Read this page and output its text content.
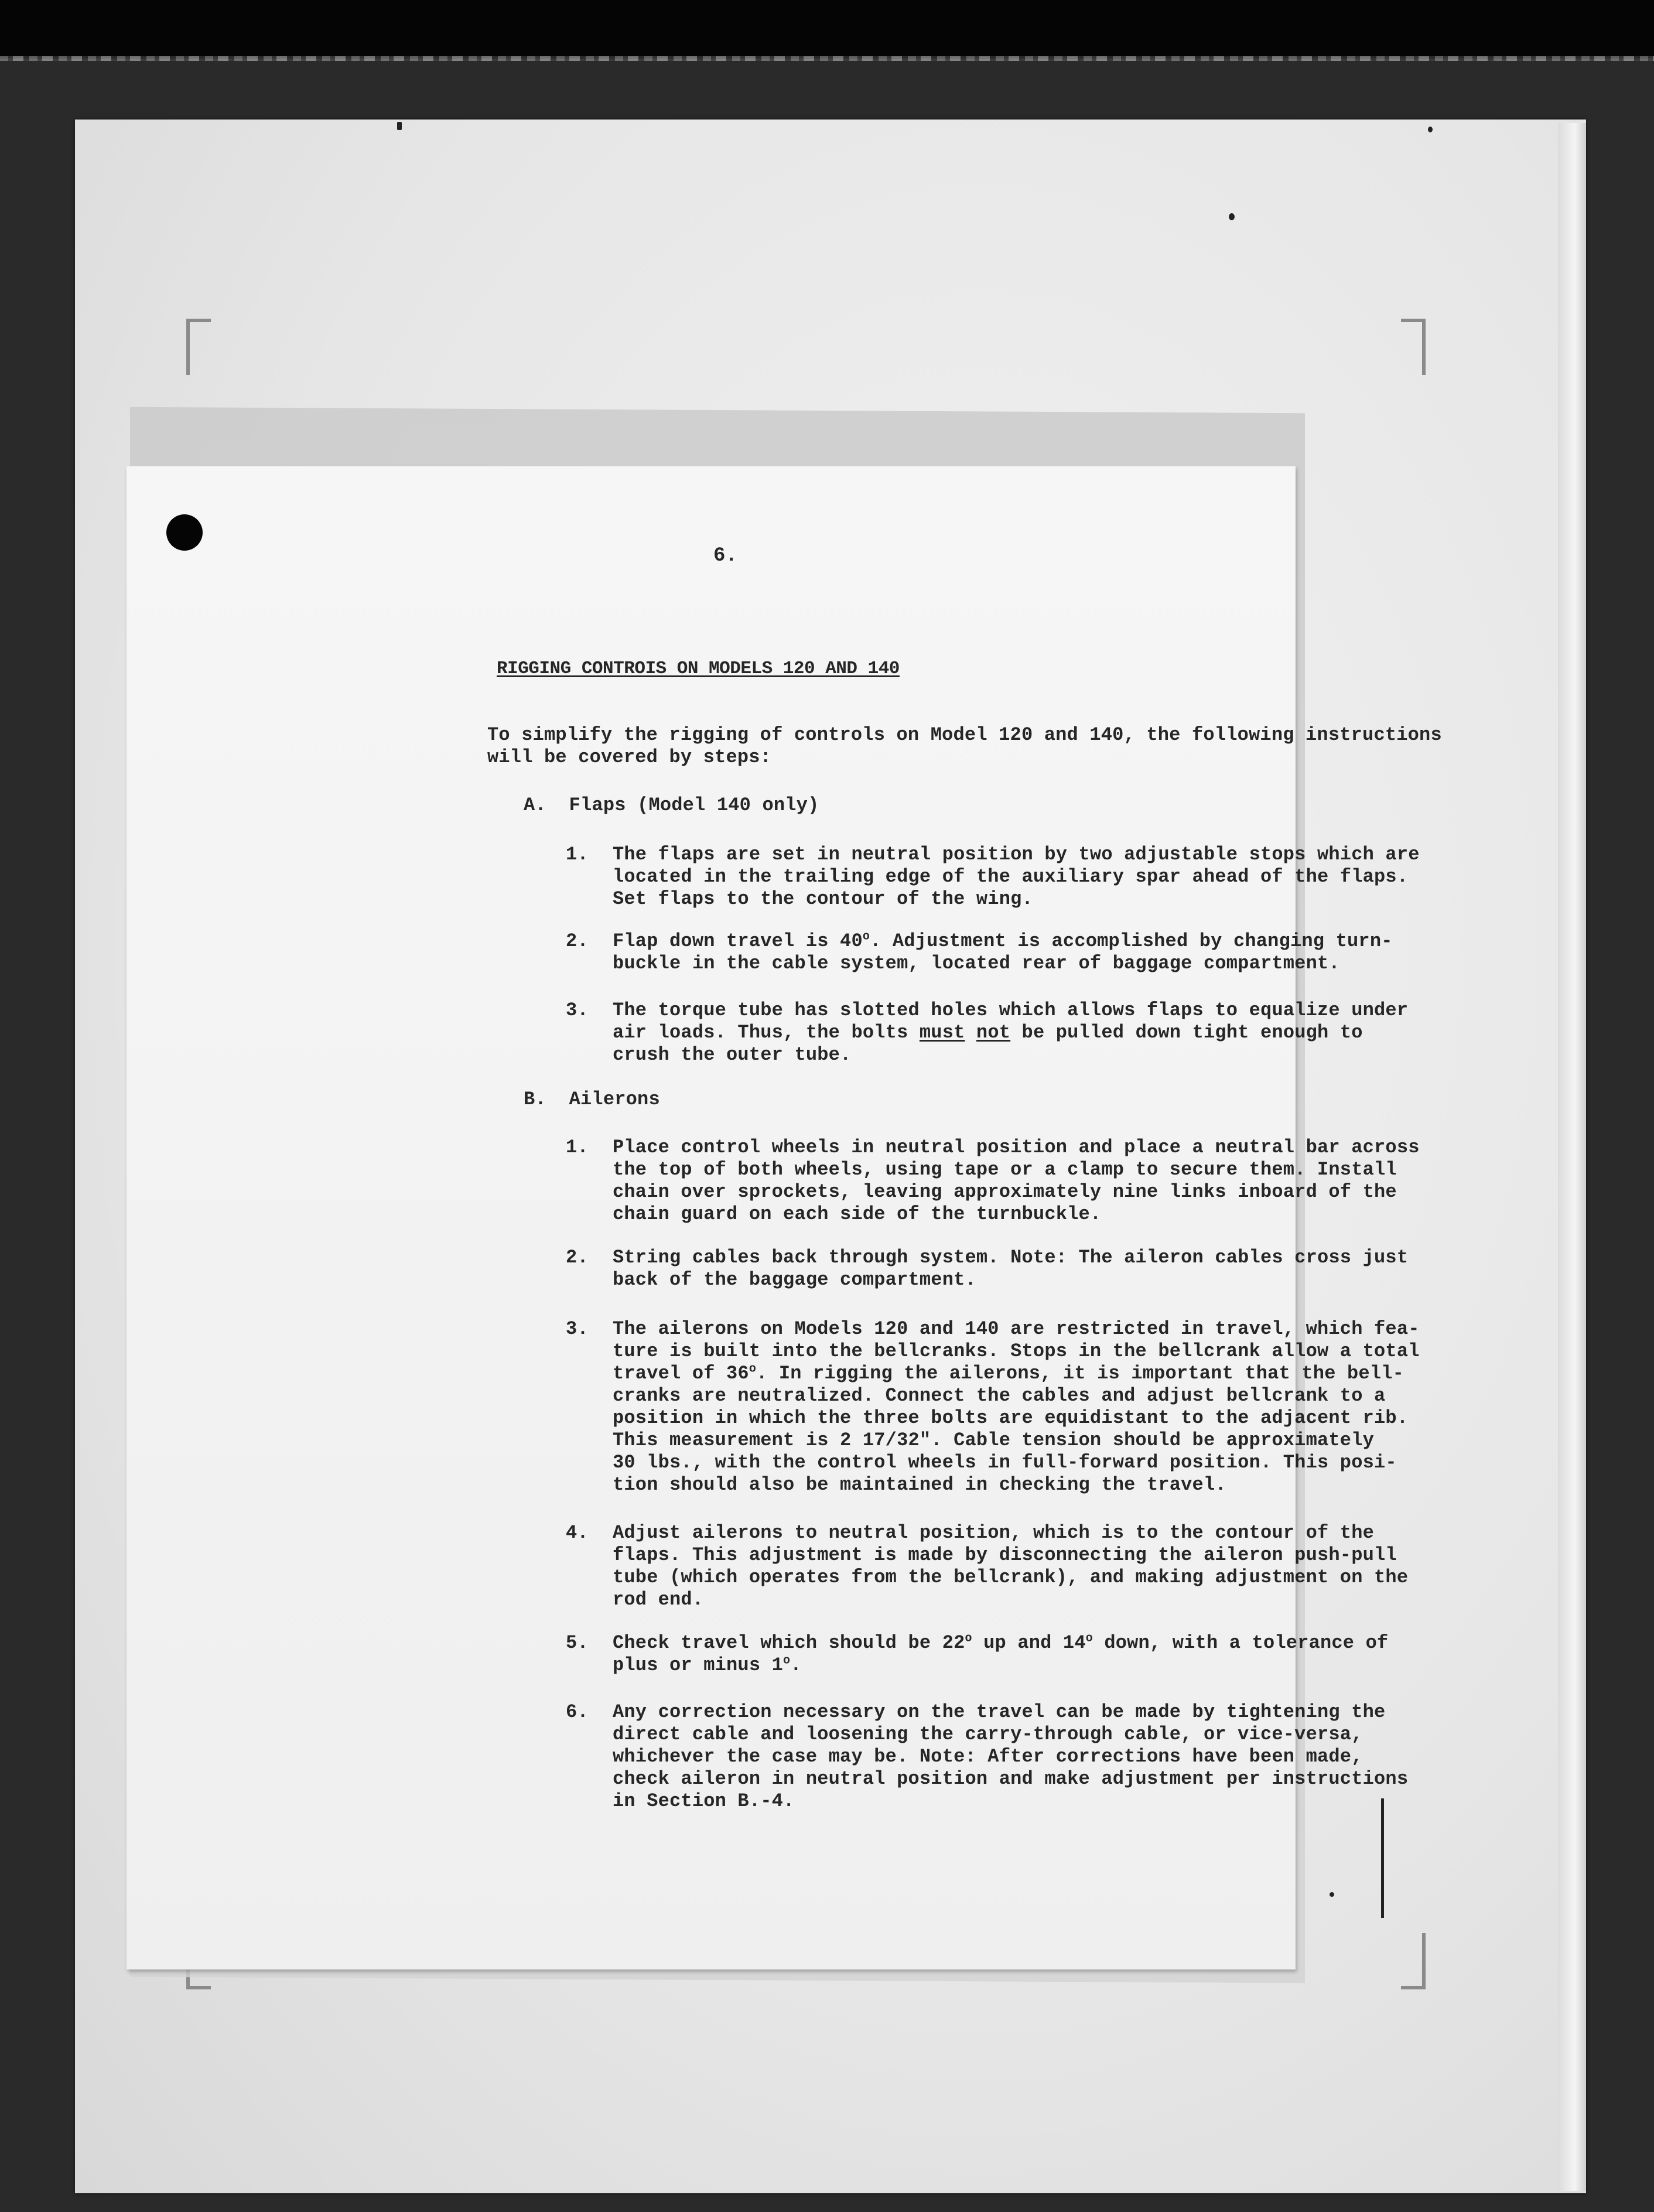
6.
RIGGING CONTROIS ON MODELS 120 AND 140
To simplify the rigging of controls on Model 120 and 140, the following instructions
will be covered by steps:
A. Flaps (Model 140 only)
1.	The flaps are set in neutral position by two adjustable stops which are
located in the trailing edge of the auxiliary spar ahead of the flaps.
Set flaps to the contour of the wing.
2.	Flap down travel is 40$^o$. Adjustment is accomplished by changing turn-
buckle in the cable system, located rear of baggage compartment.
3.	The torque tube has slotted holes which allows flaps to equalize under
air loads. Thus, the bolts must not be pulled down tight enough to
crush the outer tube.
B. Ailerons
1.	Place control wheels in neutral position and place a neutral bar across
the top of both wheels, using tape or a clamp to secure them. Install
chain over sprockets, leaving approximately nine links inboard of the
chain guard on each side of the turnbuckle.
2.	String cables back through system. Note: The aileron cables cross just
back of the baggage compartment.
3.	The ailerons on Models 120 and 140 are restricted in travel, which fea-
ture is built into the bellcranks. Stops in the bellcrank allow a total
travel of 36$^o$. In rigging the ailerons, it is important that the bell-
cranks are neutralized. Connect the cables and adjust bellcrank to a
position in which the three bolts are equidistant to the adjacent rib.
This measurement is 2 17/32". Cable tension should be approximately
30 lbs., with the control wheels in full-forward position. This posi-
tion should also be maintained in checking the travel.
4.	Adjust ailerons to neutral position, which is to the contour of the
flaps. This adjustment is made by disconnecting the aileron push-pull
tube (which operates from the bellcrank), and making adjustment on the
rod end.
5.	Check travel which should be 22$^o$ up and 14$^o$ down, with a tolerance of
plus or minus 1$^o$.
6.	Any correction necessary on the travel can be made by tightening the
direct cable and loosening the carry-through cable, or vice-versa,
whichever the case may be. Note: After corrections have been made,
check aileron in neutral position and make adjustment per instructions
in Section B.-4.
